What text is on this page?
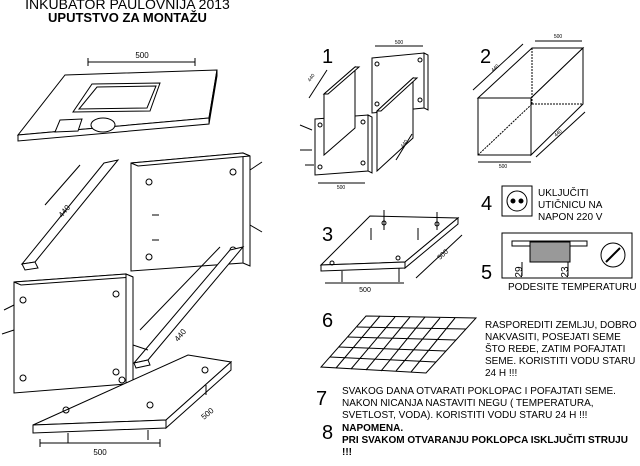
500
440
440
500
500
500
440
500
440
500
440
440
500
500
500
29	23
INKUBATOR PAULOVNIJA 2013
UPUTSTVO ZA MONTAŽU
1	2
3
4
5
6
7
8
UKLJUČITI UTIČNICU NA NAPON 220 V
PODESITE TEMPERATURU
RASPOREDITI ZEMLJU, DOBRO NAKVASITI, POSEJATI SEME ŠTO REĐE, ZATIM POFAJTATI SEME. KORISTITI VODU STARU 24 H !!!
SVAKOG DANA OTVARATI POKLOPAC I POFAJTATI SEME. NAKON NICANJA NASTAVITI NEGU ( TEMPERATURA, SVETLOST, VODA). KORISTITI VODU STARU 24 H !!!
NAPOMENA.
PRI SVAKOM OTVARANJU POKLOPCA ISKLJUČITI STRUJU !!!
